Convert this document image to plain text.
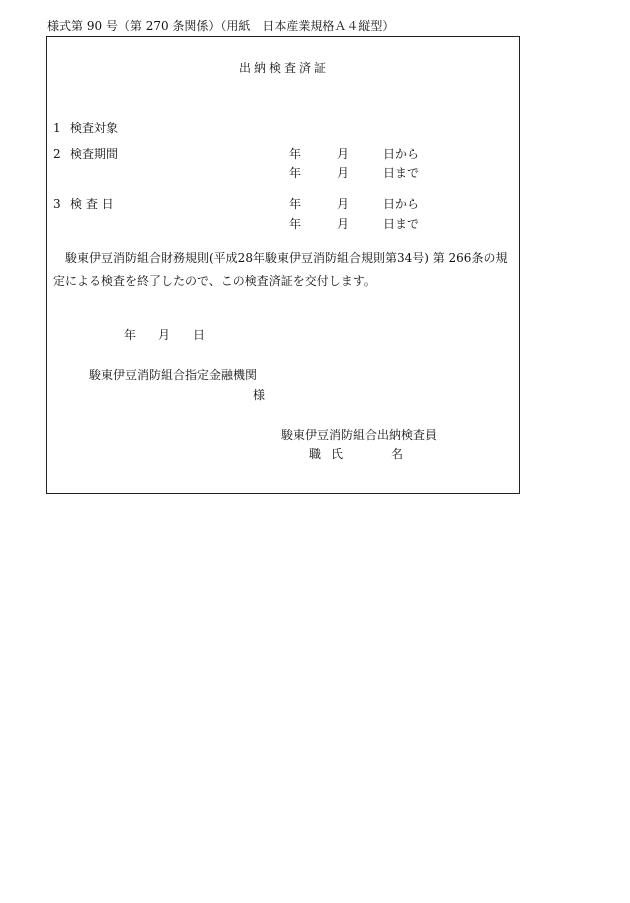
様式第 90 号（第 270 条関係）（用紙　日本産業規格Ａ４縦型）
出納検査済証
1 検査対象
2 検査期間	年	月	日から
年	月	日まで
3 検 査 日	年	月	日から
年	月	日まで
駿東伊豆消防組合財務規則(平成28年駿東伊豆消防組合規則第34号) 第 266条の規定による検査を終了したので、この検査済証を交付します。
年 月 日
駿東伊豆消防組合指定金融機関
様
駿東伊豆消防組合出納検査員
職 氏	名
